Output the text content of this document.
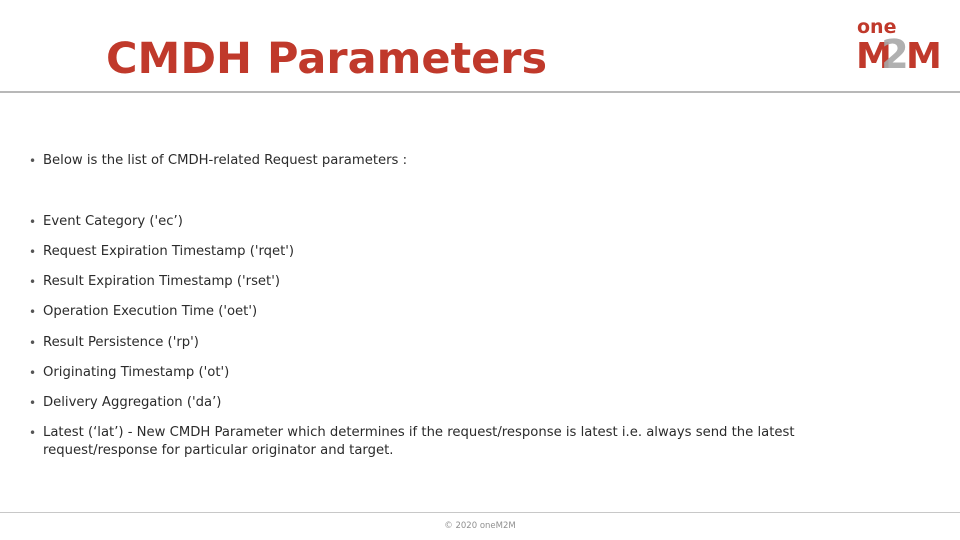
CMDH Parameters
one
M
2
M
• Below is the list of CMDH-related Request parameters :
• Event Category ('ec’)
• Request Expiration Timestamp ('rqet')
• Result Expiration Timestamp ('rset')
• Operation Execution Time ('oet')
• Result Persistence ('rp')
• Originating Timestamp ('ot')
• Delivery Aggregation ('da’)
• Latest (‘lat’) - New CMDH Parameter which determines if the request/response is latest i.e. always send the latest request/response for particular originator and target.
© 2020 oneM2M
